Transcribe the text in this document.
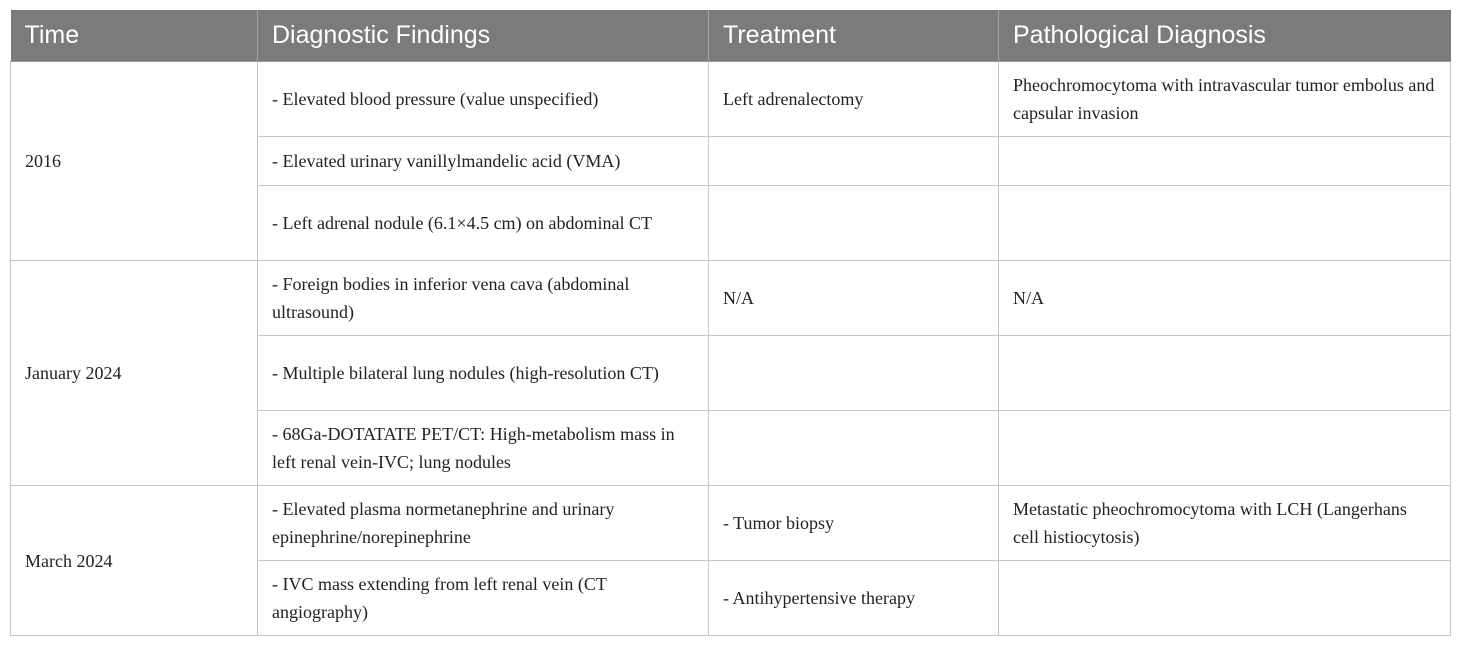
Time	Diagnostic Findings	Treatment	Pathological Diagnosis
2016	- Elevated blood pressure (value unspecified)	Left adrenalectomy	Pheochromocytoma with intravascular tumor embolus and capsular invasion
	- Elevated urinary vanillylmandelic acid (VMA)		
	- Left adrenal nodule (6.1×4.5 cm) on abdominal CT		
January 2024	- Foreign bodies in inferior vena cava (abdominal ultrasound)	N/A	N/A
	- Multiple bilateral lung nodules (high-resolution CT)		
	- 68Ga-DOTATATE PET/CT: High-metabolism mass in left renal vein-IVC; lung nodules		
March 2024	- Elevated plasma normetanephrine and urinary epinephrine/norepinephrine	- Tumor biopsy	Metastatic pheochromocytoma with LCH (Langerhans cell histiocytosis)
	- IVC mass extending from left renal vein (CT angiography)	- Antihypertensive therapy	
